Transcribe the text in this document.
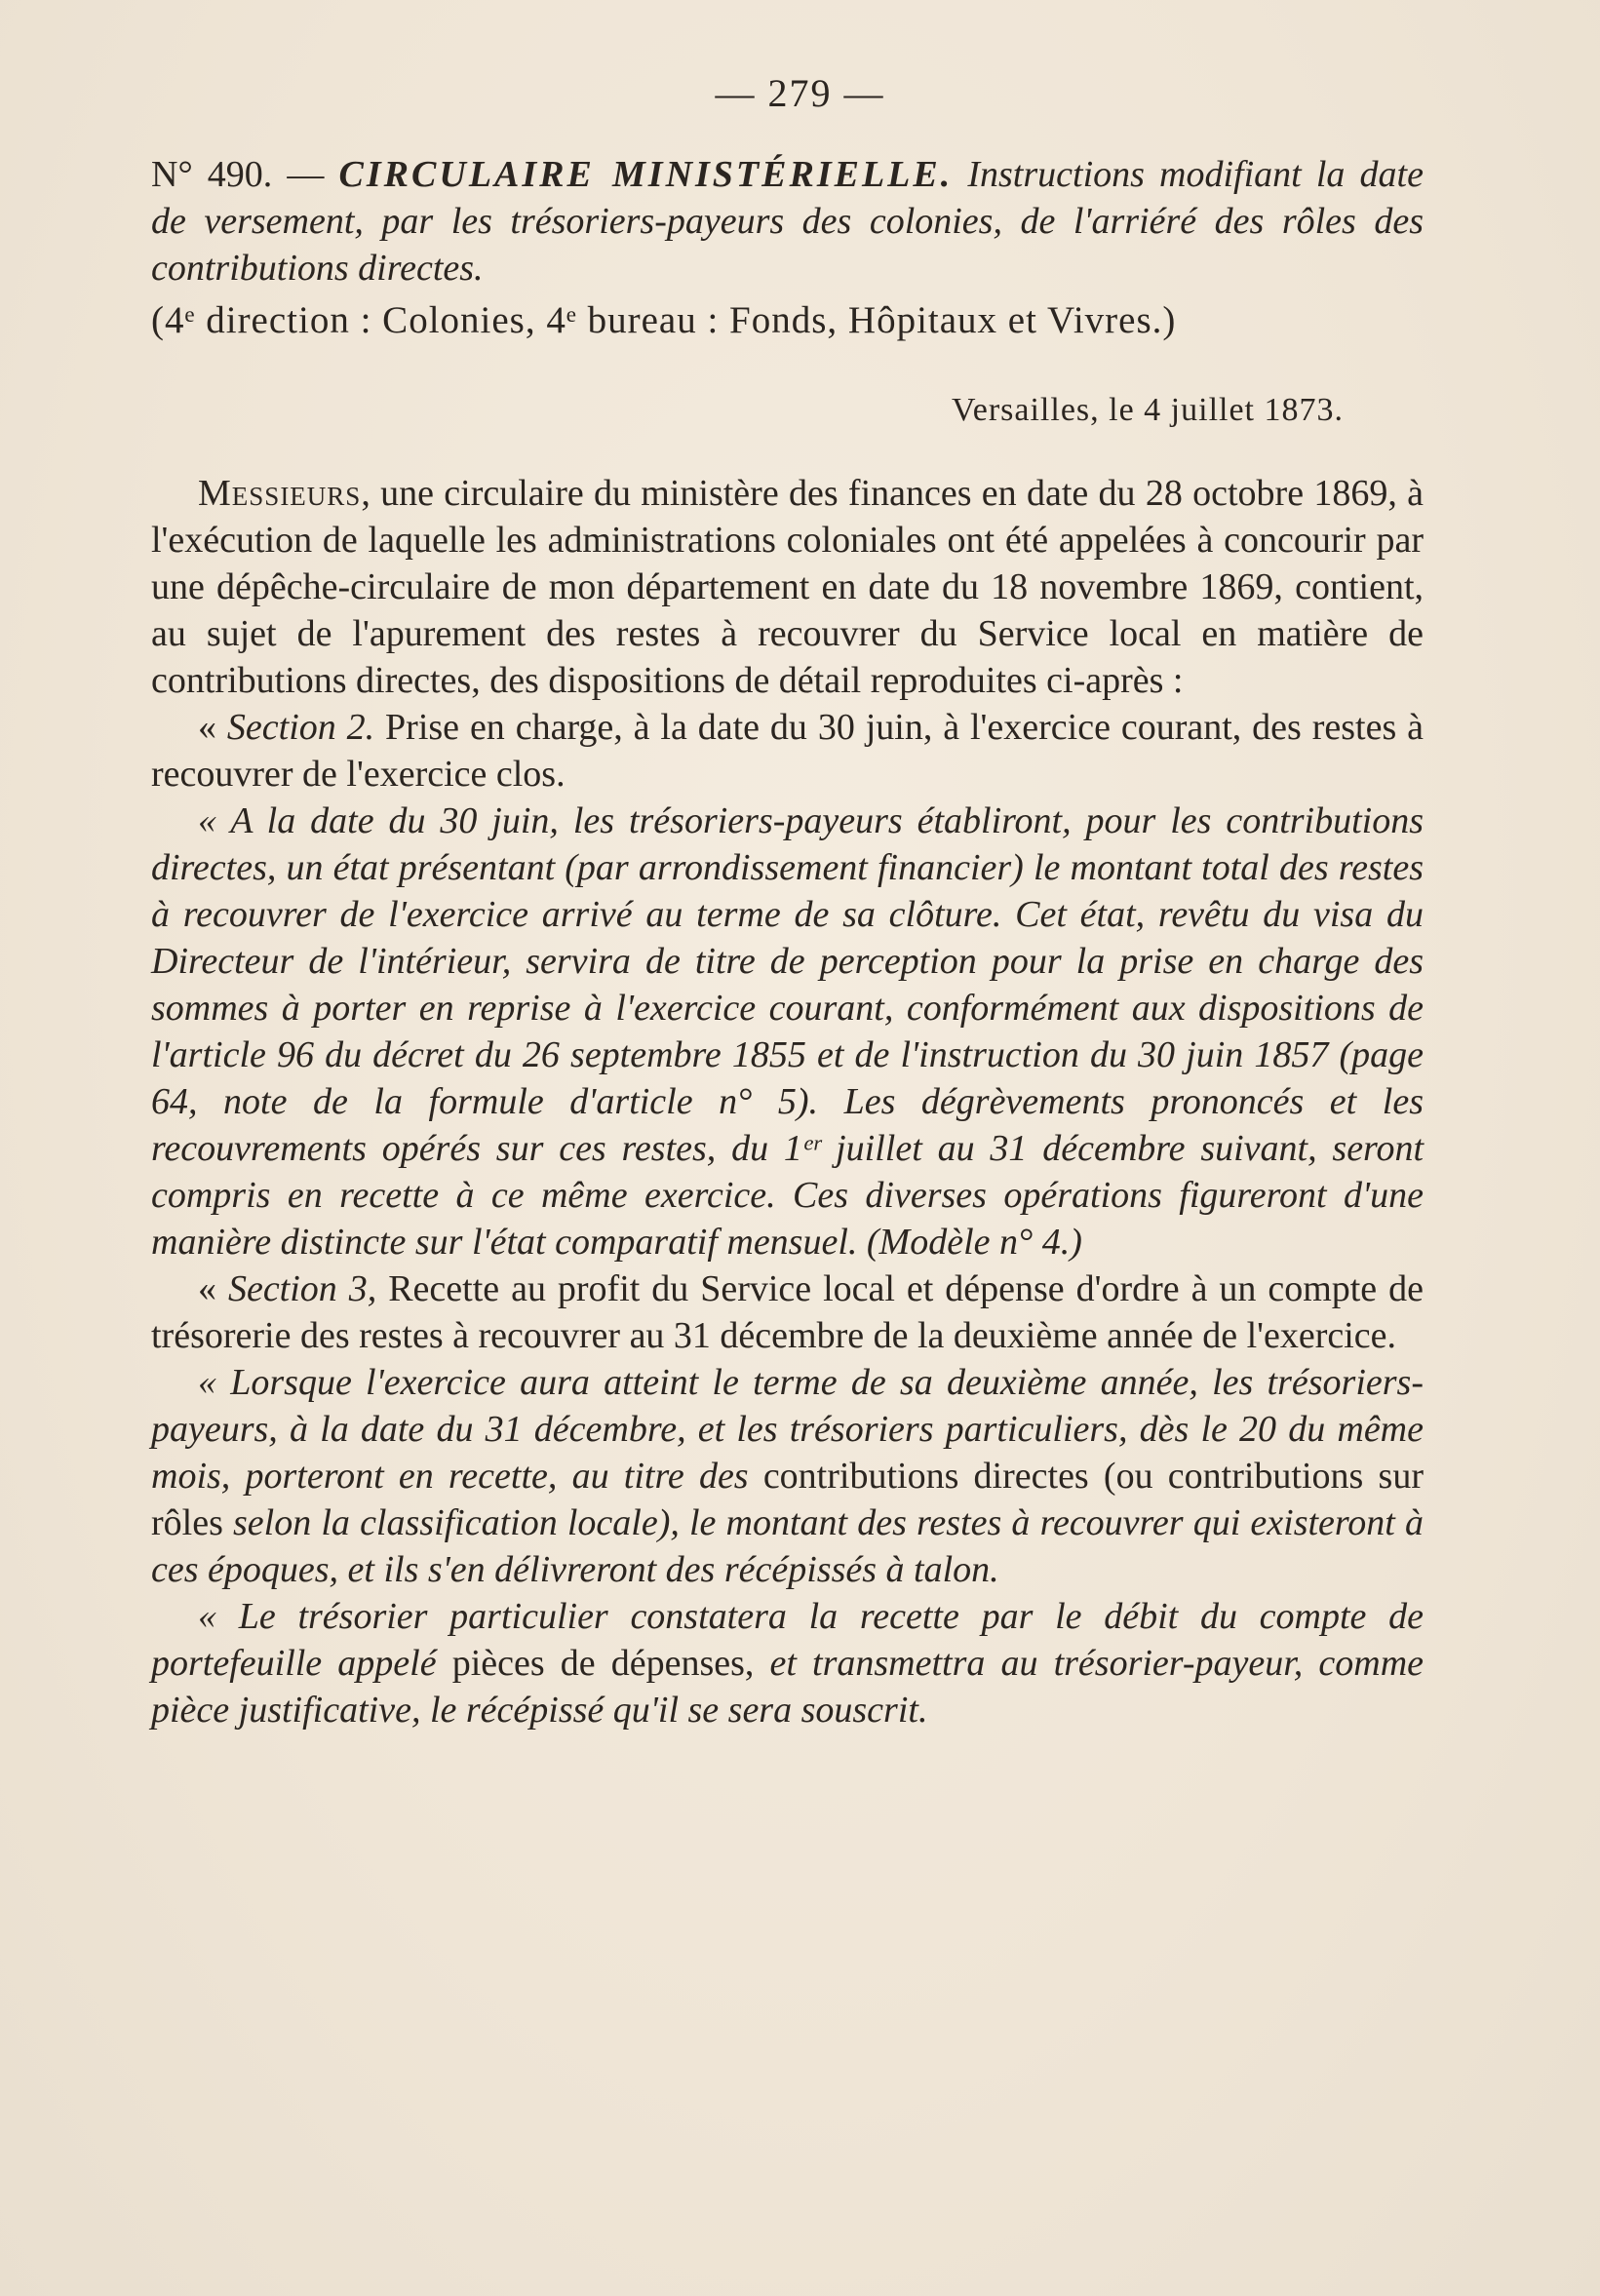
— 279 —
N° 490. — CIRCULAIRE MINISTÉRIELLE. Instructions modifiant la date de versement, par les trésoriers-payeurs des colonies, de l'arriéré des rôles des contributions directes.
(4ᵉ direction : Colonies, 4ᵉ bureau : Fonds, Hôpitaux et Vivres.)
Versailles, le 4 juillet 1873.

Messieurs, une circulaire du ministère des finances en date du 28 octobre 1869, à l'exécution de laquelle les administrations coloniales ont été appelées à concourir par une dépêche-circulaire de mon département en date du 18 novembre 1869, contient, au sujet de l'apurement des restes à recouvrer du Service local en matière de contributions directes, des dispositions de détail reproduites ci-après :

« Section 2. Prise en charge, à la date du 30 juin, à l'exercice courant, des restes à recouvrer de l'exercice clos.

« A la date du 30 juin, les trésoriers-payeurs établiront, pour les contributions directes, un état présentant (par arrondissement financier) le montant total des restes à recouvrer de l'exercice arrivé au terme de sa clôture. Cet état, revêtu du visa du Directeur de l'intérieur, servira de titre de perception pour la prise en charge des sommes à porter en reprise à l'exercice courant, conformément aux dispositions de l'article 96 du décret du 26 septembre 1855 et de l'instruction du 30 juin 1857 (page 64, note de la formule d'article n° 5). Les dégrèvements prononcés et les recouvrements opérés sur ces restes, du 1ᵉʳ juillet au 31 décembre suivant, seront compris en recette à ce même exercice. Ces diverses opérations figureront d'une manière distincte sur l'état comparatif mensuel. (Modèle n° 4.)

« Section 3, Recette au profit du Service local et dépense d'ordre à un compte de trésorerie des restes à recouvrer au 31 décembre de la deuxième année de l'exercice.

« Lorsque l'exercice aura atteint le terme de sa deuxième année, les trésoriers-payeurs, à la date du 31 décembre, et les trésoriers particuliers, dès le 20 du même mois, porteront en recette, au titre des contributions directes (ou contributions sur rôles selon la classification locale), le montant des restes à recouvrer qui existeront à ces époques, et ils s'en délivreront des récépissés à talon.

« Le trésorier particulier constatera la recette par le débit du compte de portefeuille appelé pièces de dépenses, et transmettra au trésorier-payeur, comme pièce justificative, le récépissé qu'il se sera souscrit.
